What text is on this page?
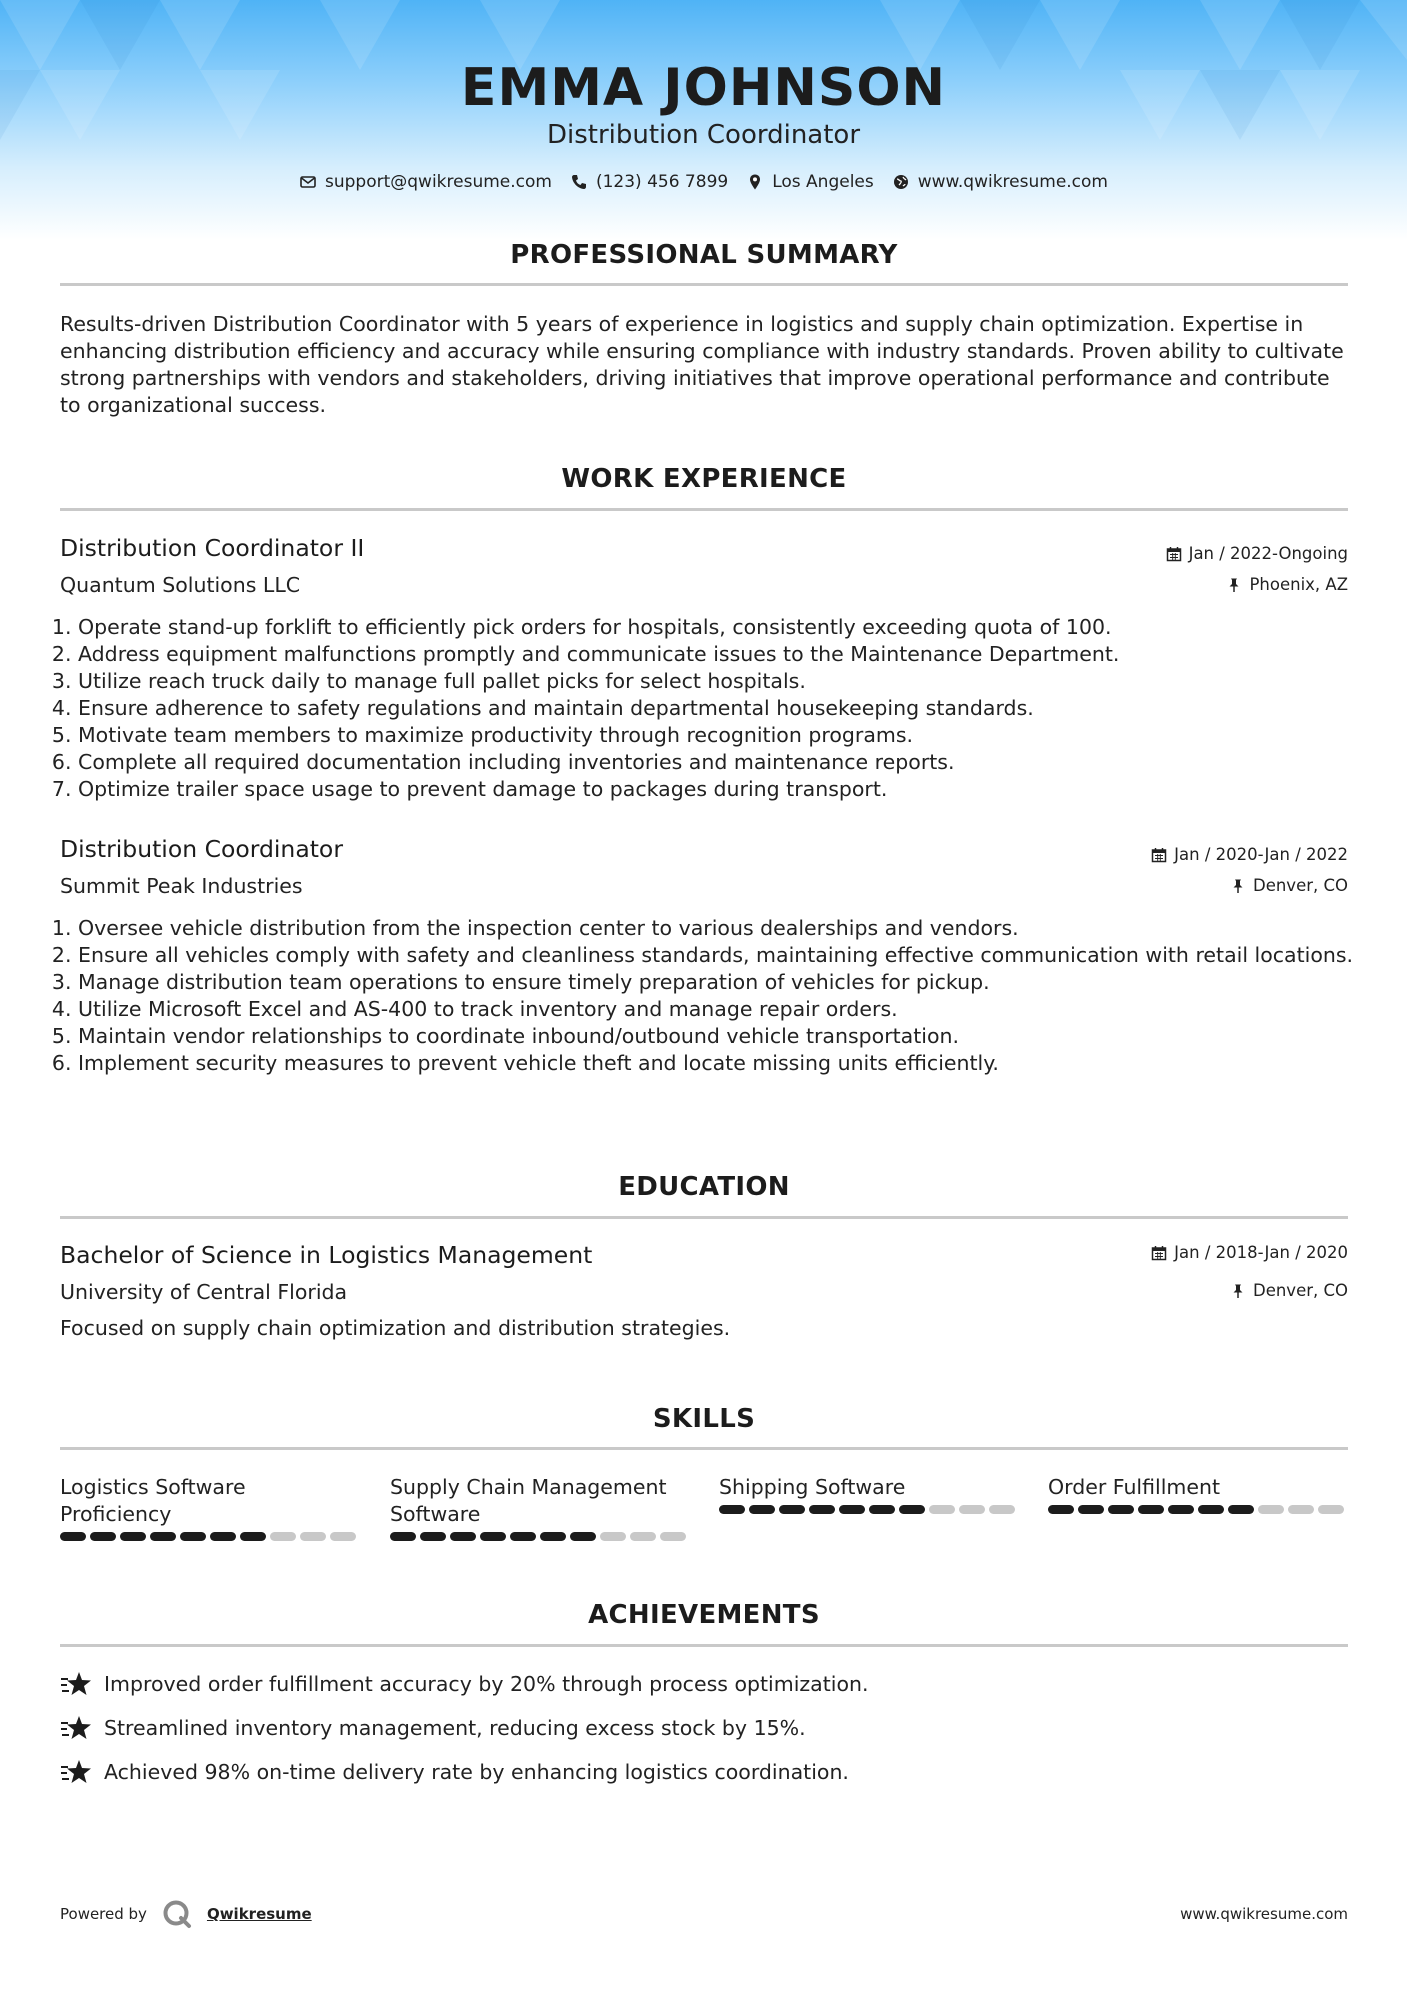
EMMA JOHNSON
Distribution Coordinator
support@qwikresume.com	(123) 456 7899	Los Angeles	www.qwikresume.com
PROFESSIONAL SUMMARY
Results-driven Distribution Coordinator with 5 years of experience in logistics and supply chain optimization. Expertise in enhancing distribution efficiency and accuracy while ensuring compliance with industry standards. Proven ability to cultivate strong partnerships with vendors and stakeholders, driving initiatives that improve operational performance and contribute to organizational success.
WORK EXPERIENCE
Distribution Coordinator II	Jan / 2022-Ongoing
Quantum Solutions LLC	Phoenix, AZ
1. Operate stand-up forklift to efficiently pick orders for hospitals, consistently exceeding quota of 100.
2. Address equipment malfunctions promptly and communicate issues to the Maintenance Department.
3. Utilize reach truck daily to manage full pallet picks for select hospitals.
4. Ensure adherence to safety regulations and maintain departmental housekeeping standards.
5. Motivate team members to maximize productivity through recognition programs.
6. Complete all required documentation including inventories and maintenance reports.
7. Optimize trailer space usage to prevent damage to packages during transport.
Distribution Coordinator	Jan / 2020-Jan / 2022
Summit Peak Industries	Denver, CO
1. Oversee vehicle distribution from the inspection center to various dealerships and vendors.
2. Ensure all vehicles comply with safety and cleanliness standards, maintaining effective communication with retail locations.
3. Manage distribution team operations to ensure timely preparation of vehicles for pickup.
4. Utilize Microsoft Excel and AS-400 to track inventory and manage repair orders.
5. Maintain vendor relationships to coordinate inbound/outbound vehicle transportation.
6. Implement security measures to prevent vehicle theft and locate missing units efficiently.
EDUCATION
Bachelor of Science in Logistics Management	Jan / 2018-Jan / 2020
University of Central Florida	Denver, CO
Focused on supply chain optimization and distribution strategies.
SKILLS
Logistics Software Proficiency
Supply Chain Management Software
Shipping Software	Order Fulfillment
ACHIEVEMENTS
Improved order fulfillment accuracy by 20% through process optimization.
Streamlined inventory management, reducing excess stock by 15%.
Achieved 98% on-time delivery rate by enhancing logistics coordination.
Powered by	Qwikresume	www.qwikresume.com
